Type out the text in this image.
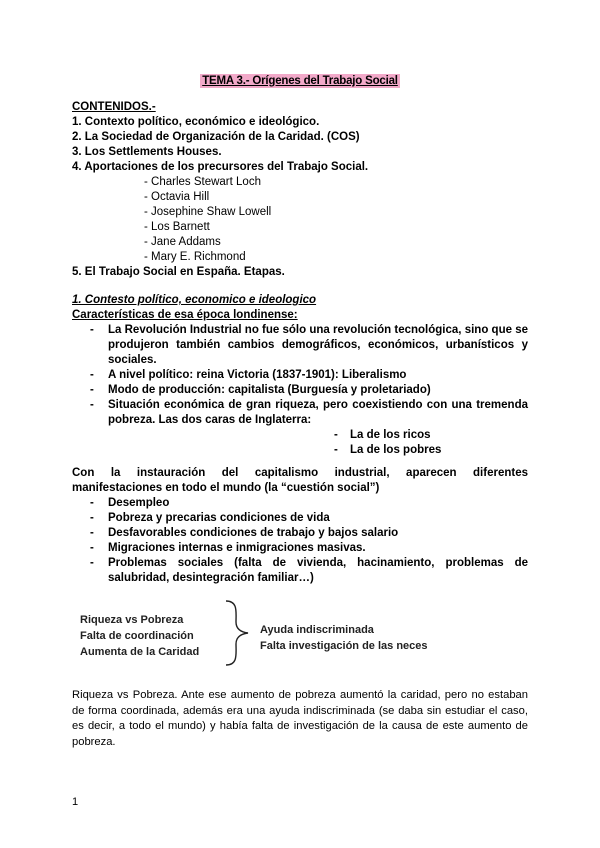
TEMA 3.- Orígenes del Trabajo Social
CONTENIDOS.-
1. Contexto político, económico e ideológico.
2. La Sociedad de Organización de la Caridad. (COS)
3. Los Settlements Houses.
4. Aportaciones de los precursores del Trabajo Social.
- Charles Stewart Loch
- Octavia Hill
- Josephine Shaw Lowell
- Los Barnett
- Jane Addams
- Mary E. Richmond
5. El Trabajo Social en España. Etapas.
1. Contesto político, economico e ideologico
Características de esa época londinense:
- La Revolución Industrial no fue sólo una revolución tecnológica, sino que se produjeron también cambios demográficos, económicos, urbanísticos y sociales.
- A nivel político: reina Victoria (1837-1901): Liberalismo
- Modo de producción: capitalista (Burguesía y proletariado)
- Situación económica de gran riqueza, pero coexistiendo con una tremenda pobreza. Las dos caras de Inglaterra:
- La de los ricos
- La de los pobres
Con la instauración del capitalismo industrial, aparecen diferentes manifestaciones en todo el mundo (la “cuestión social”)
- Desempleo
- Pobreza y precarias condiciones de vida
- Desfavorables condiciones de trabajo y bajos salario
- Migraciones internas e inmigraciones masivas.
- Problemas sociales (falta de vivienda, hacinamiento, problemas de salubridad, desintegración familiar…)
Riqueza vs Pobreza
Falta de coordinación
Aumenta de la Caridad
Ayuda indiscriminada
Falta investigación de las neces
Riqueza vs Pobreza. Ante ese aumento de pobreza aumentó la caridad, pero no estaban de forma coordinada, además era una ayuda indiscriminada (se daba sin estudiar el caso, es decir, a todo el mundo) y había falta de investigación de la causa de este aumento de pobreza.
1
